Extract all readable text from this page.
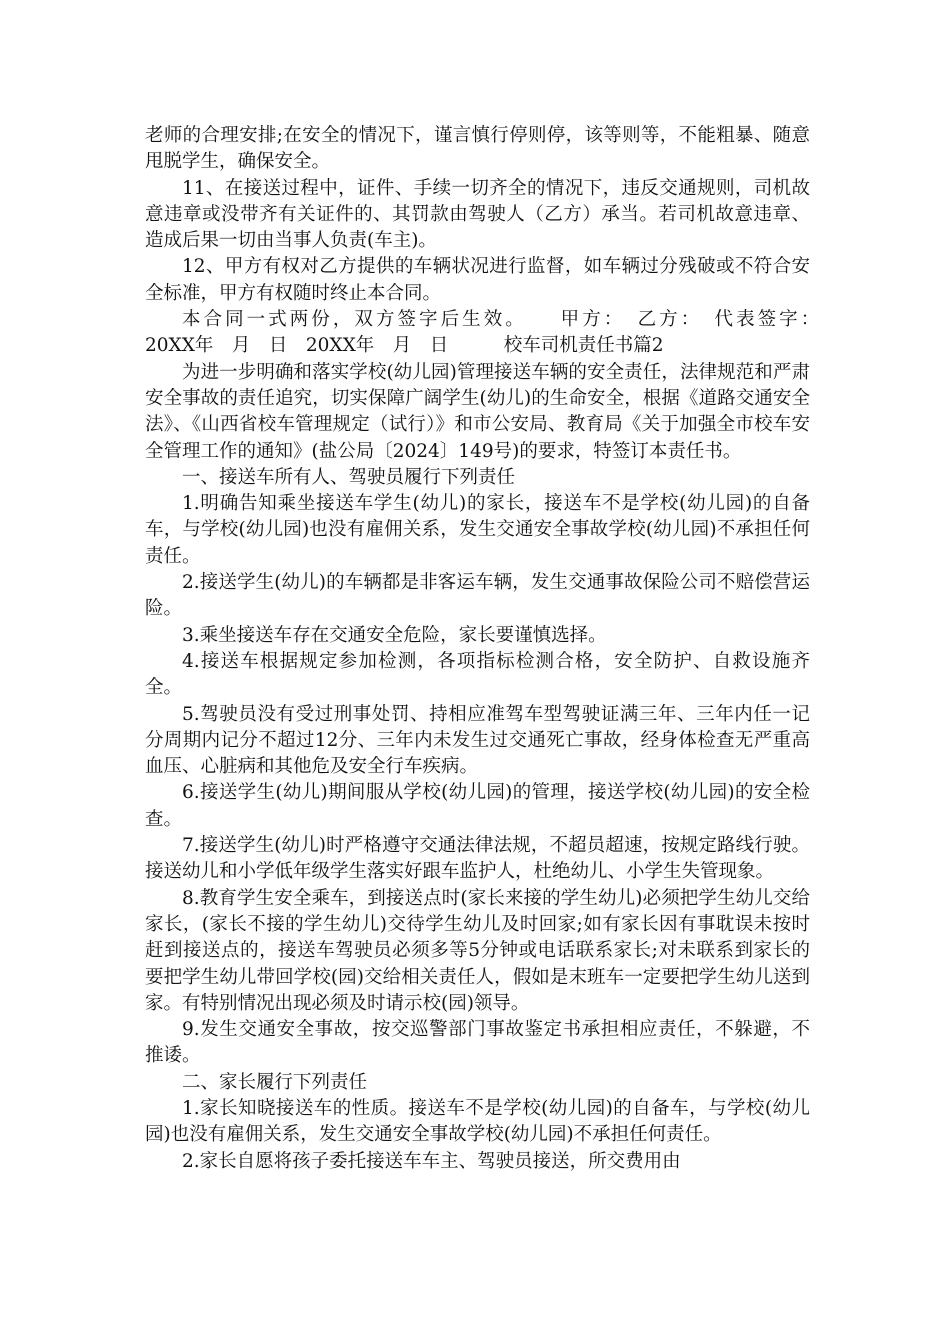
老师的合理安排;在安全的情况下，谨言慎行停则停，该等则等，不能粗暴、随意甩脱学生，确保安全。

11、在接送过程中，证件、手续一切齐全的情况下，违反交通规则，司机故意违章或没带齐有关证件的、其罚款由驾驶人（乙方）承当。若司机故意违章、造成后果一切由当事人负责(车主)。

12、甲方有权对乙方提供的车辆状况进行监督，如车辆过分残破或不符合安全标准，甲方有权随时终止本合同。

本合同一式两份，双方签字后生效。　　甲方：　乙方：　代表签字：　　　20XX年　月　日　20XX年　月　日　　　校车司机责任书篇2

为进一步明确和落实学校(幼儿园)管理接送车辆的安全责任，法律规范和严肃安全事故的责任追究，切实保障广阔学生(幼儿)的生命安全，根据《道路交通安全法》、《山西省校车管理规定（试行）》和市公安局、教育局《关于加强全市校车安全管理工作的通知》(盐公局〔2024〕149号)的要求，特签订本责任书。

一、接送车所有人、驾驶员履行下列责任

1.明确告知乘坐接送车学生(幼儿)的家长，接送车不是学校(幼儿园)的自备车，与学校(幼儿园)也没有雇佣关系，发生交通安全事故学校(幼儿园)不承担任何责任。

2.接送学生(幼儿)的车辆都是非客运车辆，发生交通事故保险公司不赔偿营运险。

3.乘坐接送车存在交通安全危险，家长要谨慎选择。

4.接送车根据规定参加检测，各项指标检测合格，安全防护、自救设施齐全。

5.驾驶员没有受过刑事处罚、持相应准驾车型驾驶证满三年、三年内任一记分周期内记分不超过12分、三年内未发生过交通死亡事故，经身体检查无严重高血压、心脏病和其他危及安全行车疾病。

6.接送学生(幼儿)期间服从学校(幼儿园)的管理，接送学校(幼儿园)的安全检查。

7.接送学生(幼儿)时严格遵守交通法律法规，不超员超速，按规定路线行驶。接送幼儿和小学低年级学生落实好跟车监护人，杜绝幼儿、小学生失管现象。

8.教育学生安全乘车，到接送点时(家长来接的学生幼儿)必须把学生幼儿交给家长，(家长不接的学生幼儿)交待学生幼儿及时回家;如有家长因有事耽误未按时赶到接送点的，接送车驾驶员必须多等5分钟或电话联系家长;对未联系到家长的要把学生幼儿带回学校(园)交给相关责任人，假如是末班车一定要把学生幼儿送到家。有特别情况出现必须及时请示校(园)领导。

9.发生交通安全事故，按交巡警部门事故鉴定书承担相应责任，不躲避，不推诿。

二、家长履行下列责任

1.家长知晓接送车的性质。接送车不是学校(幼儿园)的自备车，与学校(幼儿园)也没有雇佣关系，发生交通安全事故学校(幼儿园)不承担任何责任。

2.家长自愿将孩子委托接送车车主、驾驶员接送，所交费用由
